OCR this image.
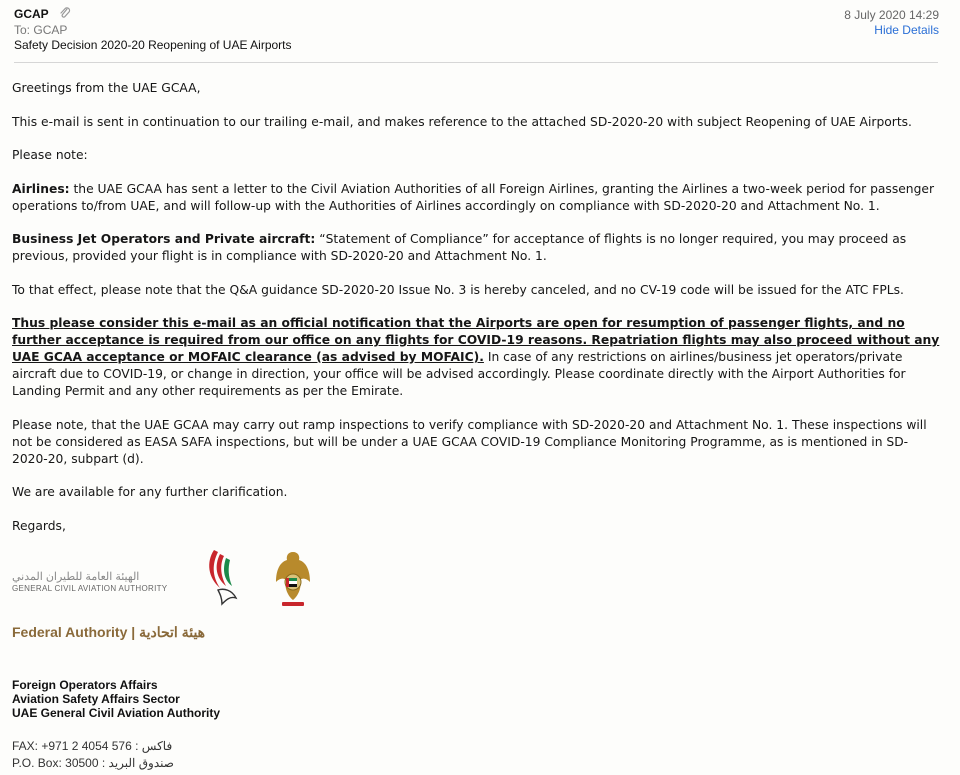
GCAP
To: GCAP
Safety Decision 2020-20 Reopening of UAE Airports
8 July 2020 14:29
Hide Details

Greetings from the UAE GCAA,

This e-mail is sent in continuation to our trailing e-mail, and makes reference to the attached SD-2020-20 with subject Reopening of UAE Airports.

Please note:

Airlines: the UAE GCAA has sent a letter to the Civil Aviation Authorities of all Foreign Airlines, granting the Airlines a two-week period for passenger operations to/from UAE, and will follow-up with the Authorities of Airlines accordingly on compliance with SD-2020-20 and Attachment No. 1.

Business Jet Operators and Private aircraft: “Statement of Compliance” for acceptance of flights is no longer required, you may proceed as previous, provided your flight is in compliance with SD-2020-20 and Attachment No. 1.

To that effect, please note that the Q&A guidance SD-2020-20 Issue No. 3 is hereby canceled, and no CV-19 code will be issued for the ATC FPLs.

Thus please consider this e-mail as an official notification that the Airports are open for resumption of passenger flights, and no further acceptance is required from our office on any flights for COVID-19 reasons. Repatriation flights may also proceed without any UAE GCAA acceptance or MOFAIC clearance (as advised by MOFAIC). In case of any restrictions on airlines/business jet operators/private aircraft due to COVID-19, or change in direction, your office will be advised accordingly. Please coordinate directly with the Airport Authorities for Landing Permit and any other requirements as per the Emirate.

Please note, that the UAE GCAA may carry out ramp inspections to verify compliance with SD-2020-20 and Attachment No. 1. These inspections will not be considered as EASA SAFA inspections, but will be under a UAE GCAA COVID-19 Compliance Monitoring Programme, as is mentioned in SD-2020-20, subpart (d).

We are available for any further clarification.

Regards,

الهيئة العامة للطيران المدني
GENERAL CIVIL AVIATION AUTHORITY
Federal Authority | هيئة اتحادية
Foreign Operators Affairs
Aviation Safety Affairs Sector
UAE General Civil Aviation Authority
FAX: +971 2 4054 576 : فاكس
P.O. Box: 30500 : صندوق البريد
